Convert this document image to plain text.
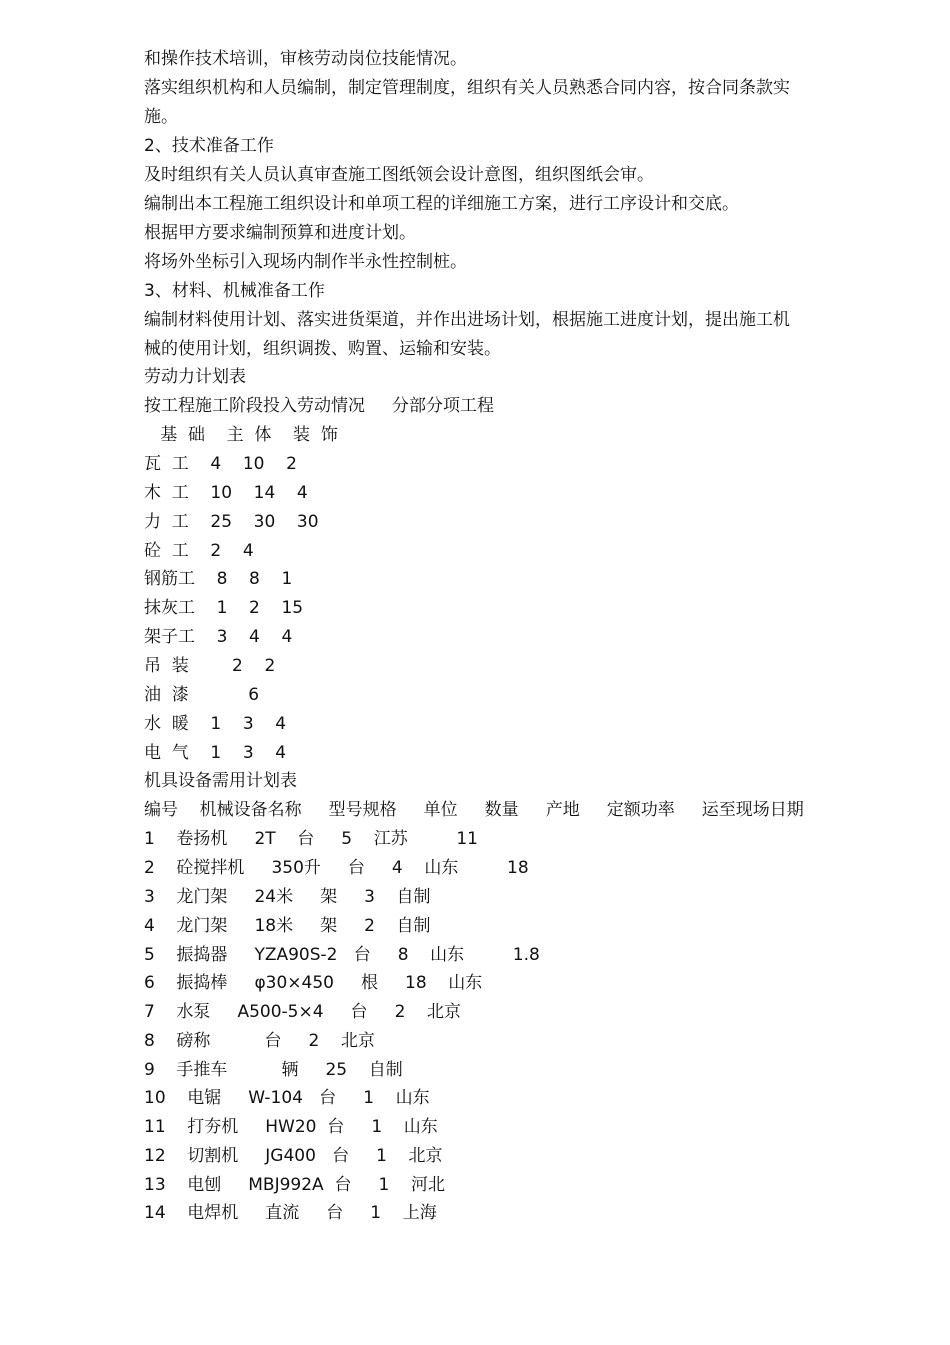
和操作技术培训，审核劳动岗位技能情况。
落实组织机构和人员编制，制定管理制度，组织有关人员熟悉合同内容，按合同条款实
施。
2、技术准备工作
及时组织有关人员认真审查施工图纸领会设计意图，组织图纸会审。
编制出本工程施工组织设计和单项工程的详细施工方案，进行工序设计和交底。
根据甲方要求编制预算和进度计划。
将场外坐标引入现场内制作半永性控制桩。
3、材料、机械准备工作
编制材料使用计划、落实进货渠道，并作出进场计划，根据施工进度计划，提出施工机
械的使用计划，组织调拨、购置、运输和安装。
劳动力计划表
按工程施工阶段投入劳动情况     分部分项工程
基  础    主  体    装  饰
瓦  工    4    10    2
木  工    10    14    4
力  工    25    30    30
砼  工    2    4
钢筋工    8    8    1
抹灰工    1    2    15
架子工    3    4    4
吊  装        2    2
油  漆           6
水  暖    1    3    4
电  气    1    3    4
机具设备需用计划表
编号    机械设备名称     型号规格     单位     数量     产地     定额功率     运至现场日期
1    卷扬机     2T    台     5    江苏         11
2    砼搅拌机     350升     台     4    山东         18
3    龙门架     24米     架     3    自制
4    龙门架     18米     架     2    自制
5    振捣器     YZA90S-2   台     8    山东         1.8
6    振捣棒     φ30×450     根     18    山东
7    水泵     A500-5×4     台     2    北京
8    磅称          台     2    北京
9    手推车          辆     25    自制
10    电锯     W-104   台     1    山东
11    打夯机     HW20  台     1    山东
12    切割机     JG400   台     1    北京
13    电刨     MBJ992A  台     1    河北
14    电焊机     直流     台     1    上海
